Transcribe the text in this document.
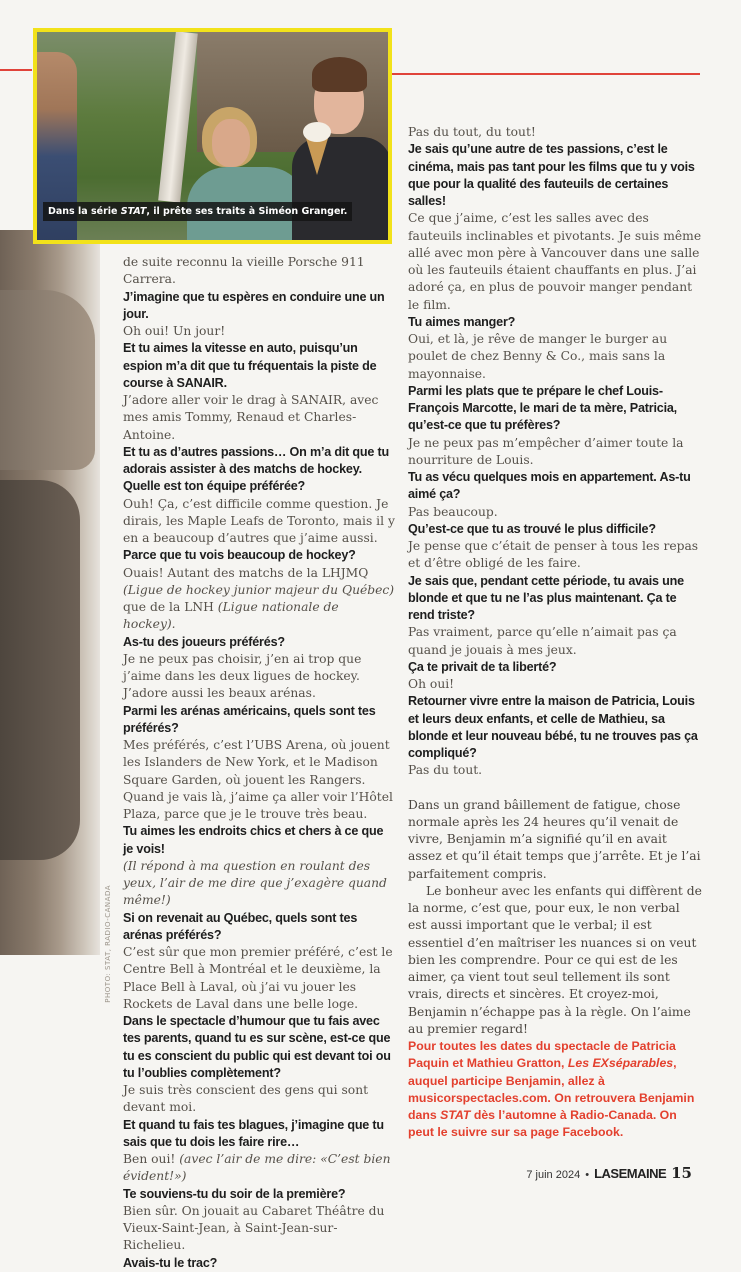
PHOTO: STAT, RADIO-CANADA
Dans la série STAT, il prête ses traits à Siméon Granger.
de suite reconnu la vieille Porsche 911 Carrera.
J’imagine que tu espères en conduire une un jour.
Oh oui! Un jour!
Et tu aimes la vitesse en auto, puisqu’un espion m’a dit que tu fréquentais la piste de course à SANAIR.
J’adore aller voir le drag à SANAIR, avec mes amis Tommy, Renaud et Charles-Antoine.
Et tu as d’autres passions… On m’a dit que tu adorais assister à des matchs de hockey. Quelle est ton équipe préférée?
Ouh! Ça, c’est difficile comme question. Je dirais, les Maple Leafs de Toronto, mais il y en a beaucoup d’autres que j’aime aussi.
Parce que tu vois beaucoup de hockey?
Ouais! Autant des matchs de la LHJMQ (Ligue de hockey junior majeur du Québec) que de la LNH (Ligue nationale de hockey).
As-tu des joueurs préférés?
Je ne peux pas choisir, j’en ai trop que j’aime dans les deux ligues de hockey. J’adore aussi les beaux arénas.
Parmi les arénas américains, quels sont tes préférés?
Mes préférés, c’est l’UBS Arena, où jouent les Islanders de New York, et le Madison Square Garden, où jouent les Rangers. Quand je vais là, j’aime ça aller voir l’Hôtel Plaza, parce que je le trouve très beau.
Tu aimes les endroits chics et chers à ce que je vois!
(Il répond à ma question en roulant des yeux, l’air de me dire que j’exagère quand même!)
Si on revenait au Québec, quels sont tes arénas préférés?
C’est sûr que mon premier préféré, c’est le Centre Bell à Montréal et le deuxième, la Place Bell à Laval, où j’ai vu jouer les Rockets de Laval dans une belle loge.
Dans le spectacle d’humour que tu fais avec tes parents, quand tu es sur scène, est-ce que tu es conscient du public qui est devant toi ou tu l’oublies complètement?
Je suis très conscient des gens qui sont devant moi.
Et quand tu fais tes blagues, j’imagine que tu sais que tu dois les faire rire…
Ben oui! (avec l’air de me dire: «C’est bien évident!»)
Te souviens-tu du soir de la première?
Bien sûr. On jouait au Cabaret Théâtre du Vieux-Saint-Jean, à Saint-Jean-sur-Richelieu.
Avais-tu le trac?
Pas du tout, du tout!
Je sais qu’une autre de tes passions, c’est le cinéma, mais pas tant pour les films que tu y vois que pour la qualité des fauteuils de certaines salles!
Ce que j’aime, c’est les salles avec des fauteuils inclinables et pivotants. Je suis même allé avec mon père à Vancouver dans une salle où les fauteuils étaient chauffants en plus. J’ai adoré ça, en plus de pouvoir manger pendant le film.
Tu aimes manger?
Oui, et là, je rêve de manger le burger au poulet de chez Benny & Co., mais sans la mayonnaise.
Parmi les plats que te prépare le chef Louis-François Marcotte, le mari de ta mère, Patricia, qu’est-ce que tu préfères?
Je ne peux pas m’empêcher d’aimer toute la nourriture de Louis.
Tu as vécu quelques mois en appartement. As-tu aimé ça?
Pas beaucoup.
Qu’est-ce que tu as trouvé le plus difficile?
Je pense que c’était de penser à tous les repas et d’être obligé de les faire.
Je sais que, pendant cette période, tu avais une blonde et que tu ne l’as plus maintenant. Ça te rend triste?
Pas vraiment, parce qu’elle n’aimait pas ça quand je jouais à mes jeux.
Ça te privait de ta liberté?
Oh oui!
Retourner vivre entre la maison de Patricia, Louis et leurs deux enfants, et celle de Mathieu, sa blonde et leur nouveau bébé, tu ne trouves pas ça compliqué?
Pas du tout.

Dans un grand bâillement de fatigue, chose normale après les 24 heures qu’il venait de vivre, Benjamin m’a signifié qu’il en avait assez et qu’il était temps que j’arrête. Et je l’ai parfaitement compris.

Le bonheur avec les enfants qui diffèrent de la norme, c’est que, pour eux, le non verbal est aussi important que le verbal; il est essentiel d’en maîtriser les nuances si on veut bien les comprendre. Pour ce qui est de les aimer, ça vient tout seul tellement ils sont vrais, directs et sincères. Et croyez-moi, Benjamin n’échappe pas à la règle. On l’aime au premier regard!

Pour toutes les dates du spectacle de Patricia Paquin et Mathieu Gratton, Les EXséparables, auquel participe Benjamin, allez à musicorspectacles.com. On retrouvera Benjamin dans STAT dès l’automne à Radio-Canada. On peut le suivre sur sa page Facebook.
7 juin 2024 • LASEMAINE 15
